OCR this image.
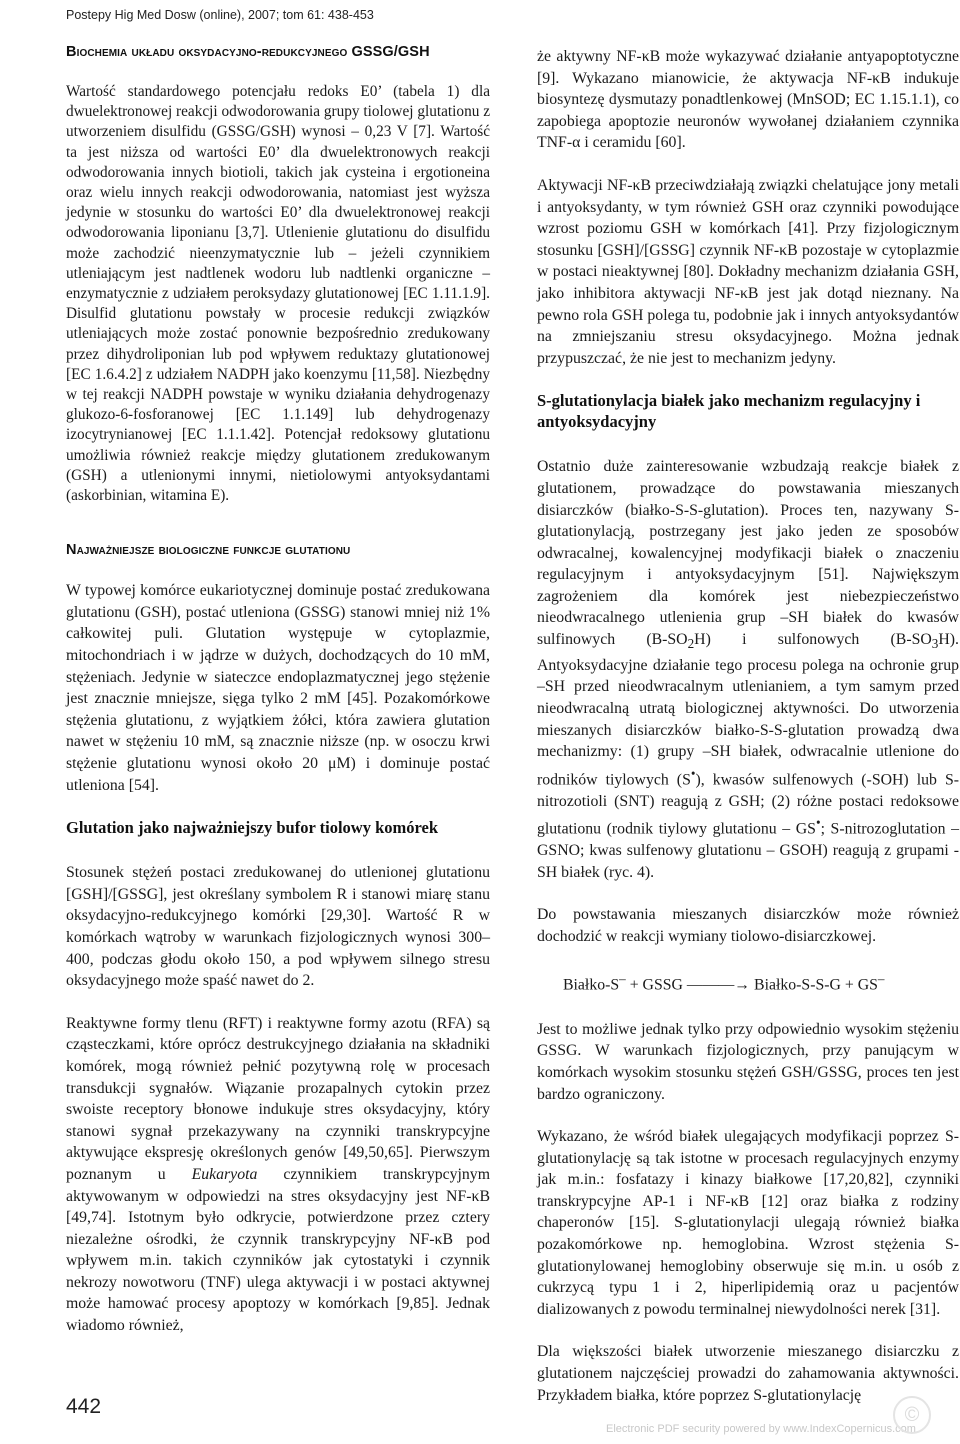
Postepy Hig Med Dosw (online), 2007; tom 61: 438-453
Biochemia układu oksydacyjno-redukcyjnego GSSG/GSH

Wartość standardowego potencjału redoks E0’ (tabela 1) dla dwuelektronowej reakcji odwodorowania grupy tiolowej glutationu z utworzeniem disulfidu (GSSG/GSH) wynosi – 0,23 V [7]. Wartość ta jest niższa od wartości E0’ dla dwuelektronowych reakcji odwodorowania innych biotioli, takich jak cysteina i ergotioneina oraz wielu innych reakcji odwodorowania, natomiast jest wyższa jedynie w stosunku do wartości E0’ dla dwuelektronowej reakcji odwodorowania liponianu [3,7]. Utlenienie glutationu do disulfidu może zachodzić nieenzymatycznie lub – jeżeli czynnikiem utleniającym jest nadtlenek wodoru lub nadtlenki organiczne – enzymatycznie z udziałem peroksydazy glutationowej [EC 1.11.1.9]. Disulfid glutationu powstały w procesie redukcji związków utleniających może zostać ponownie bezpośrednio zredukowany przez dihydroliponian lub pod wpływem reduktazy glutationowej [EC 1.6.4.2] z udziałem NADPH jako koenzymu [11,58]. Niezbędny w tej reakcji NADPH powstaje w wyniku działania dehydrogenazy glukozo-6-fosforanowej [EC 1.1.149] lub dehydrogenazy izocytrynianowej [EC 1.1.1.42]. Potencjał redoksowy glutationu umożliwia również reakcje między glutationem zredukowanym (GSH) a utlenionymi innymi, nietiolowymi antyoksydantami (askorbinian, witamina E).

Najważniejsze biologiczne funkcje glutationu

W typowej komórce eukariotycznej dominuje postać zredukowana glutationu (GSH), postać utleniona (GSSG) stanowi mniej niż 1% całkowitej puli. Glutation występuje w cytoplazmie, mitochondriach i w jądrze w dużych, dochodzących do 10 mM, stężeniach. Jedynie w siateczce endoplazmatycznej jego stężenie jest znacznie mniejsze, sięga tylko 2 mM [45]. Pozakomórkowe stężenia glutationu, z wyjątkiem żółci, która zawiera glutation nawet w stężeniu 10 mM, są znacznie niższe (np. w osoczu krwi stężenie glutationu wynosi około 20 μM) i dominuje postać utleniona [54].

Glutation jako najważniejszy bufor tiolowy komórek

Stosunek stężeń postaci zredukowanej do utlenionej glutationu [GSH]/[GSSG], jest określany symbolem R i stanowi miarę stanu oksydacyjno-redukcyjnego komórki [29,30]. Wartość R w komórkach wątroby w warunkach fizjologicznych wynosi 300–400, podczas głodu około 150, a pod wpływem silnego stresu oksydacyjnego może spaść nawet do 2.

Reaktywne formy tlenu (RFT) i reaktywne formy azotu (RFA) są cząsteczkami, które oprócz destrukcyjnego działania na składniki komórek, mogą również pełnić pozytywną rolę w procesach transdukcji sygnałów. Wiązanie prozapalnych cytokin przez swoiste receptory błonowe indukuje stres oksydacyjny, który stanowi sygnał przekazywany na czynniki transkrypcyjne aktywujące ekspresję określonych genów [49,50,65]. Pierwszym poznanym u Eukaryota czynnikiem transkrypcyjnym aktywowanym w odpowiedzi na stres oksydacyjny jest NF-κB [49,74]. Istotnym było odkrycie, potwierdzone przez cztery niezależne ośrodki, że czynnik transkrypcyjny NF-κB pod wpływem m.in. takich czynników jak cytostatyki i czynnik nekrozy nowotworu (TNF) ulega aktywacji i w postaci aktywnej może hamować procesy apoptozy w komórkach [9,85]. Jednak wiadomo również,

że aktywny NF-κB może wykazywać działanie antyapoptotyczne [9]. Wykazano mianowicie, że aktywacja NF-κB indukuje biosyntezę dysmutazy ponadtlenkowej (MnSOD; EC 1.15.1.1), co zapobiega apoptozie neuronów wywołanej działaniem czynnika TNF-α i ceramidu [60].

Aktywacji NF-κB przeciwdziałają związki chelatujące jony metali i antyoksydanty, w tym również GSH oraz czynniki powodujące wzrost poziomu GSH w komórkach [41]. Przy fizjologicznym stosunku [GSH]/[GSSG] czynnik NF-κB pozostaje w cytoplazmie w postaci nieaktywnej [80]. Dokładny mechanizm działania GSH, jako inhibitora aktywacji NF-κB jest jak dotąd nieznany. Na pewno rola GSH polega tu, podobnie jak i innych antyoksydantów na zmniejszaniu stresu oksydacyjnego. Można jednak przypuszczać, że nie jest to mechanizm jedyny.

S-glutationylacja białek jako mechanizm regulacyjny i antyoksydacyjny

Ostatnio duże zainteresowanie wzbudzają reakcje białek z glutationem, prowadzące do powstawania mieszanych disiarczków (białko-S-S-glutation). Proces ten, nazywany S-glutationylacją, postrzegany jest jako jeden ze sposobów odwracalnej, kowalencyjnej modyfikacji białek o znaczeniu regulacyjnym i antyoksydacyjnym [51]. Największym zagrożeniem dla komórek jest niebezpieczeństwo nieodwracalnego utlenienia grup –SH białek do kwasów sulfinowych $(B-SO_2H)$ i sulfonowych $(B-SO_3H)$. Antyoksydacyjne działanie tego procesu polega na ochronie grup –SH przed nieodwracalnym utlenianiem, a tym samym przed nieodwracalną utratą biologicznej aktywności. Do utworzenia mieszanych disiarczków białko-S-S-glutation prowadzą dwa mechanizmy: (1) grupy –SH białek, odwracalnie utlenione do rodników tiylowych (S•), kwasów sulfenowych (-SOH) lub S-nitrozotioli (SNT) reagują z GSH; (2) różne postaci redoksowe glutationu (rodnik tiylowy glutationu – GS•; S-nitrozoglutation – GSNO; kwas sulfenowy glutationu – GSOH) reagują z grupami -SH białek (ryc. 4).

Do powstawania mieszanych disiarczków może również dochodzić w reakcji wymiany tiolowo-disiarczkowej.

Białko-S– + GSSG ———→ Białko-S-S-G + GS–

Jest to możliwe jednak tylko przy odpowiednio wysokim stężeniu GSSG. W warunkach fizjologicznych, przy panującym w komórkach wysokim stosunku stężeń GSH/GSSG, proces ten jest bardzo ograniczony.

Wykazano, że wśród białek ulegających modyfikacji poprzez S-glutationylację są tak istotne w procesach regulacyjnych enzymy jak m.in.: fosfatazy i kinazy białkowe [17,20,82], czynniki transkrypcyjne AP-1 i NF-κB [12] oraz białka z rodziny chaperonów [15]. S-glutationylacji ulegają również białka pozakomórkowe np. hemoglobina. Wzrost stężenia S-glutationylowanej hemoglobiny obserwuje się m.in. u osób z cukrzycą typu 1 i 2, hiperlipidemią oraz u pacjentów dializowanych z powodu terminalnej niewydolności nerek [31].

Dla większości białek utworzenie mieszanego disiarczku z glutationem najczęściej prowadzi do zahamowania aktywności. Przykładem białka, które poprzez S-glutationylację

442
Electronic PDF security powered by www.IndexCopernicus.com
©
